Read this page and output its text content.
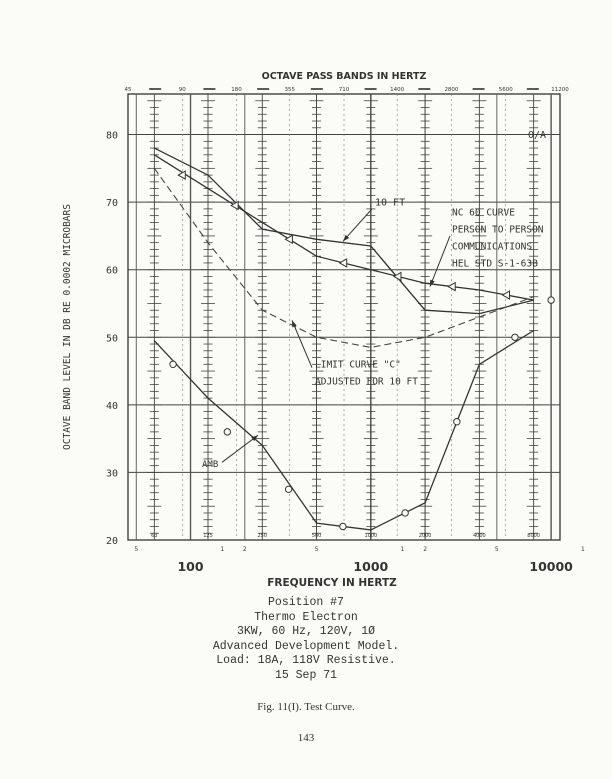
20
30
40
50
60
70
80
OCTAVE PASS BANDS IN HERTZ
45	90	180	355	710	1400	2800	5600	11200
63	125	250	500	1000	2000	4000	8000
5	2	5	2	5
1	1	1
100	1000	10000
FREQUENCY IN HERTZ
OCTAVE BAND LEVEL IN DB RE 0.0002 MICROBARS
O/A
10 FT
NC 60 CURVE
PERSON TO PERSON
COMMUNICATIONS
HEL STD S-1-63B
LIMIT CURVE "C"
ADJUSTED FOR 10 FT
AMB
Position #7
Thermo Electron
3KW, 60 Hz, 120V, 1Ø
Advanced Development Model.
Load: 18A, 118V Resistive.
15 Sep 71
Fig. 11(I). Test Curve.
143
